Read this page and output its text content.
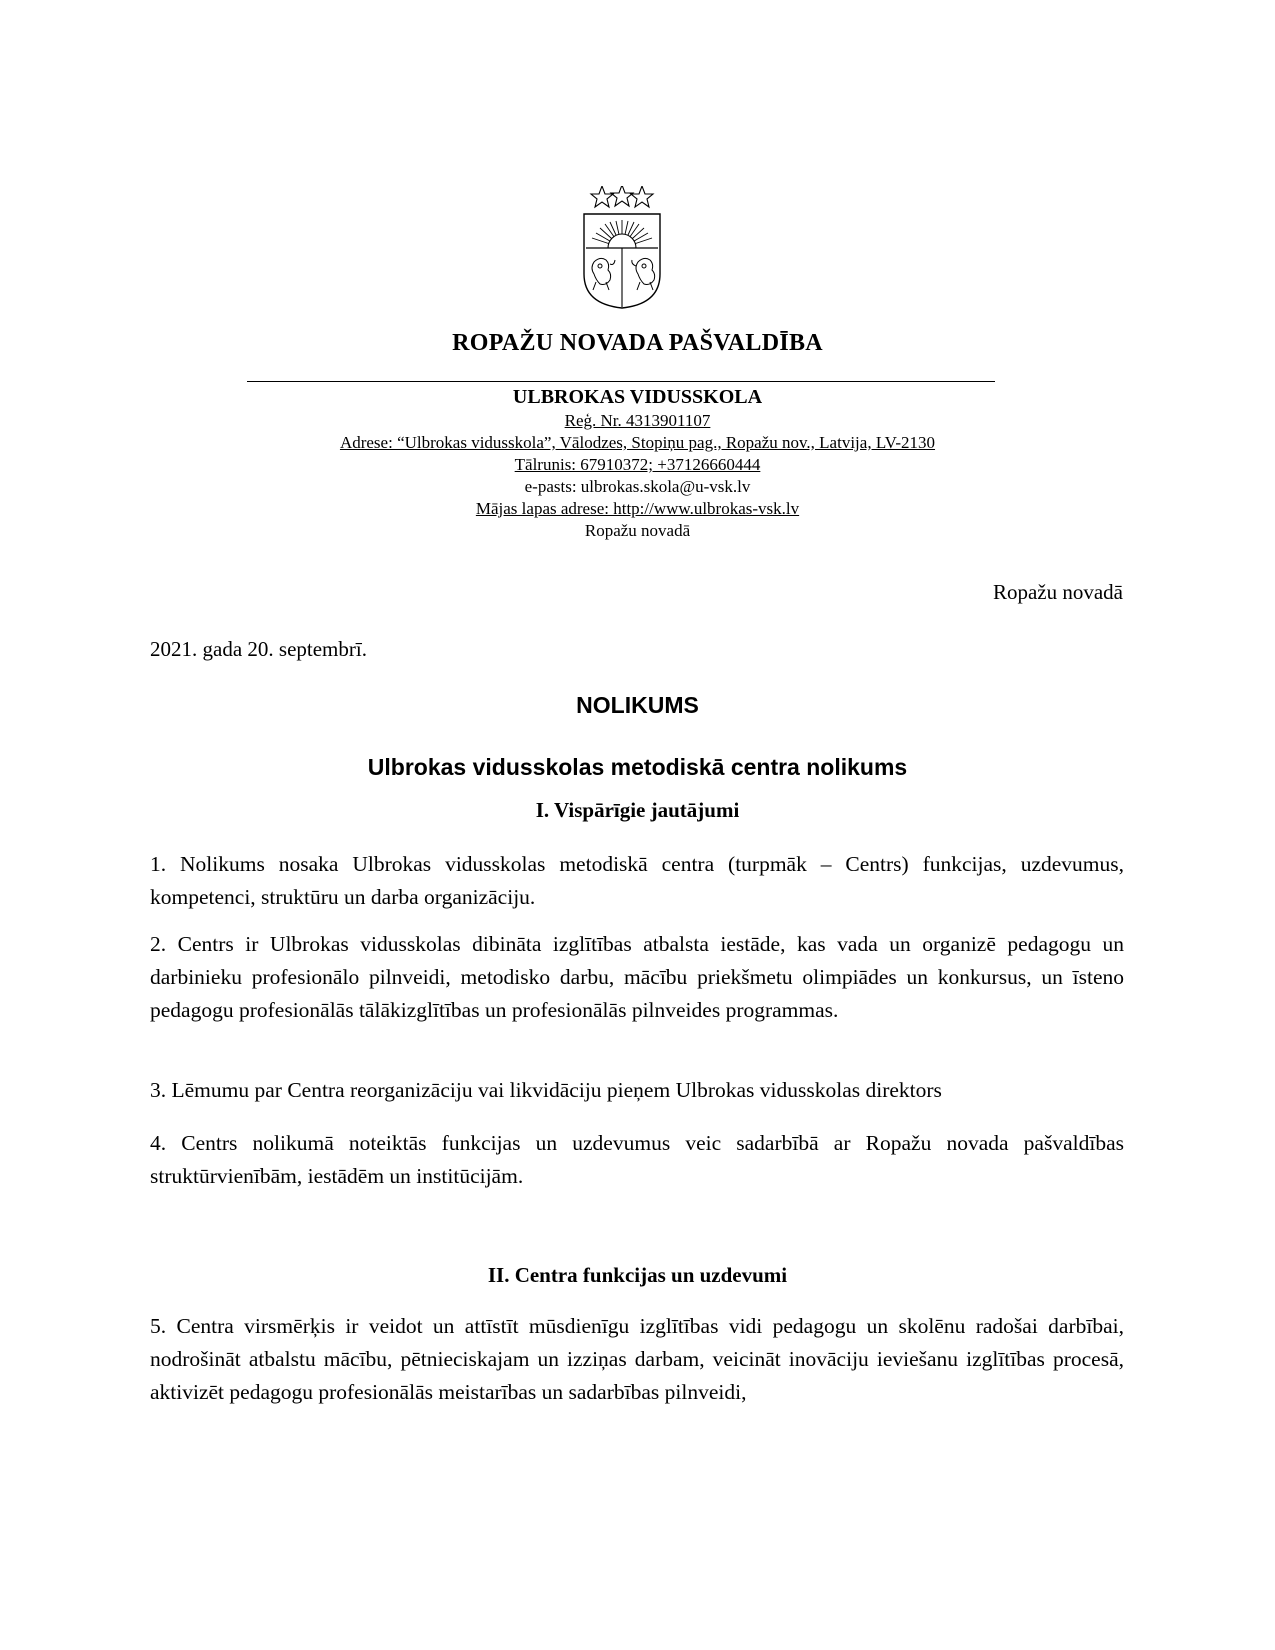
ROPAŽU NOVADA PAŠVALDĪBA
ULBROKAS VIDUSSKOLA
Reģ. Nr. 4313901107
Adrese: “Ulbrokas vidusskola”, Vālodzes, Stopiņu pag., Ropažu nov., Latvija, LV-2130
Tālrunis: 67910372; +37126660444
e-pasts: ulbrokas.skola@u-vsk.lv
Mājas lapas adrese: http://www.ulbrokas-vsk.lv
Ropažu novadā
Ropažu novadā
2021. gada 20. septembrī.
NOLIKUMS
Ulbrokas vidusskolas metodiskā centra nolikums
I. Vispārīgie jautājumi
1. Nolikums nosaka Ulbrokas vidusskolas metodiskā centra (turpmāk – Centrs) funkcijas, uzdevumus, kompetenci, struktūru un darba organizāciju.
2. Centrs ir Ulbrokas vidusskolas dibināta izglītības atbalsta iestāde, kas vada un organizē pedagogu un darbinieku profesionālo pilnveidi, metodisko darbu, mācību priekšmetu olimpiādes un konkursus, un īsteno pedagogu profesionālās tālākizglītības un profesionālās pilnveides programmas.
3. Lēmumu par Centra reorganizāciju vai likvidāciju pieņem Ulbrokas vidusskolas direktors
4. Centrs nolikumā noteiktās funkcijas un uzdevumus veic sadarbībā ar Ropažu novada pašvaldības struktūrvienībām, iestādēm un institūcijām.
II. Centra funkcijas un uzdevumi
5. Centra virsmērķis ir veidot un attīstīt mūsdienīgu izglītības vidi pedagogu un skolēnu radošai darbībai, nodrošināt atbalstu mācību, pētnieciskajam un izziņas darbam, veicināt inovāciju ieviešanu izglītības procesā, aktivizēt pedagogu profesionālās meistarības un sadarbības pilnveidi,
